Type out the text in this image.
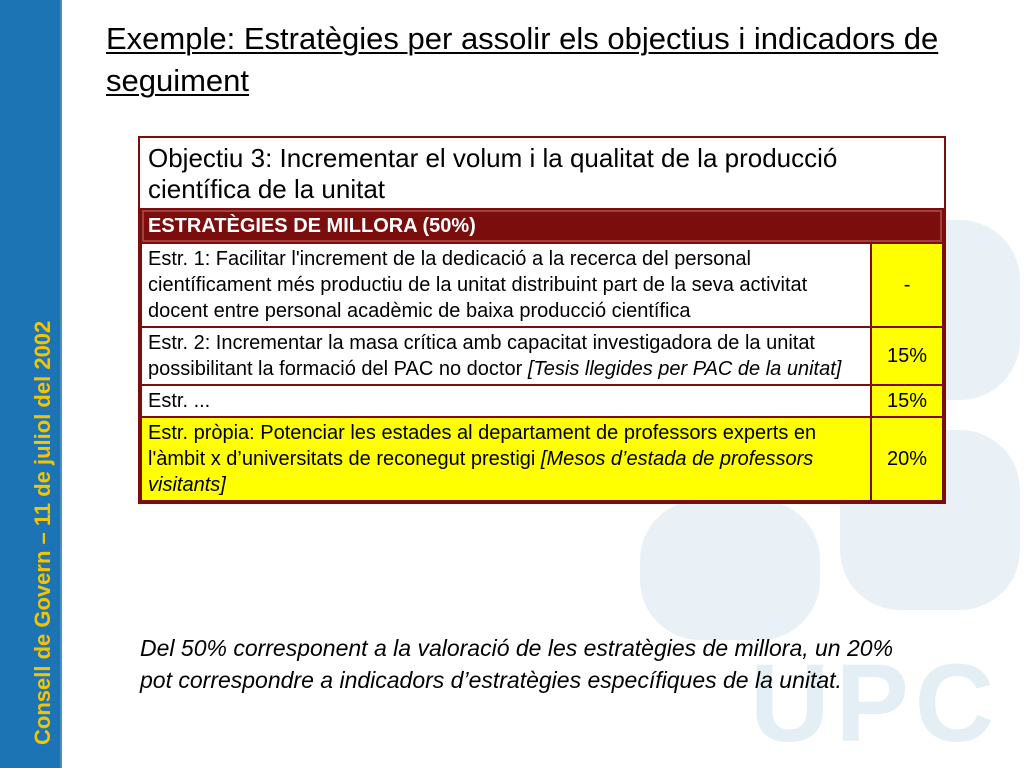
Consell de Govern – 11 de juliol del 2002	UPC
Exemple: Estratègies per assolir els objectius i indicadors de seguiment
Objectiu 3: Incrementar el volum i la qualitat de la producció científica de la unitat
ESTRATÈGIES DE MILLORA (50%)	
Estr. 1: Facilitar l'increment de la dedicació a la recerca del personal científicament més productiu de la unitat distribuint part de la seva activitat docent entre personal acadèmic de baixa producció científica	-
Estr. 2: Incrementar la masa crítica amb capacitat investigadora de la unitat possibilitant la formació del PAC no doctor [Tesis llegides per PAC de la unitat]	15%
Estr. ...	15%
Estr. pròpia: Potenciar les estades al departament de professors experts en l'àmbit x d’universitats de reconegut prestigi [Mesos d’estada de professors visitants]	20%
Del 50% corresponent a la valoració de les estratègies de millora, un 20% pot correspondre a indicadors d’estratègies específiques de la unitat.
